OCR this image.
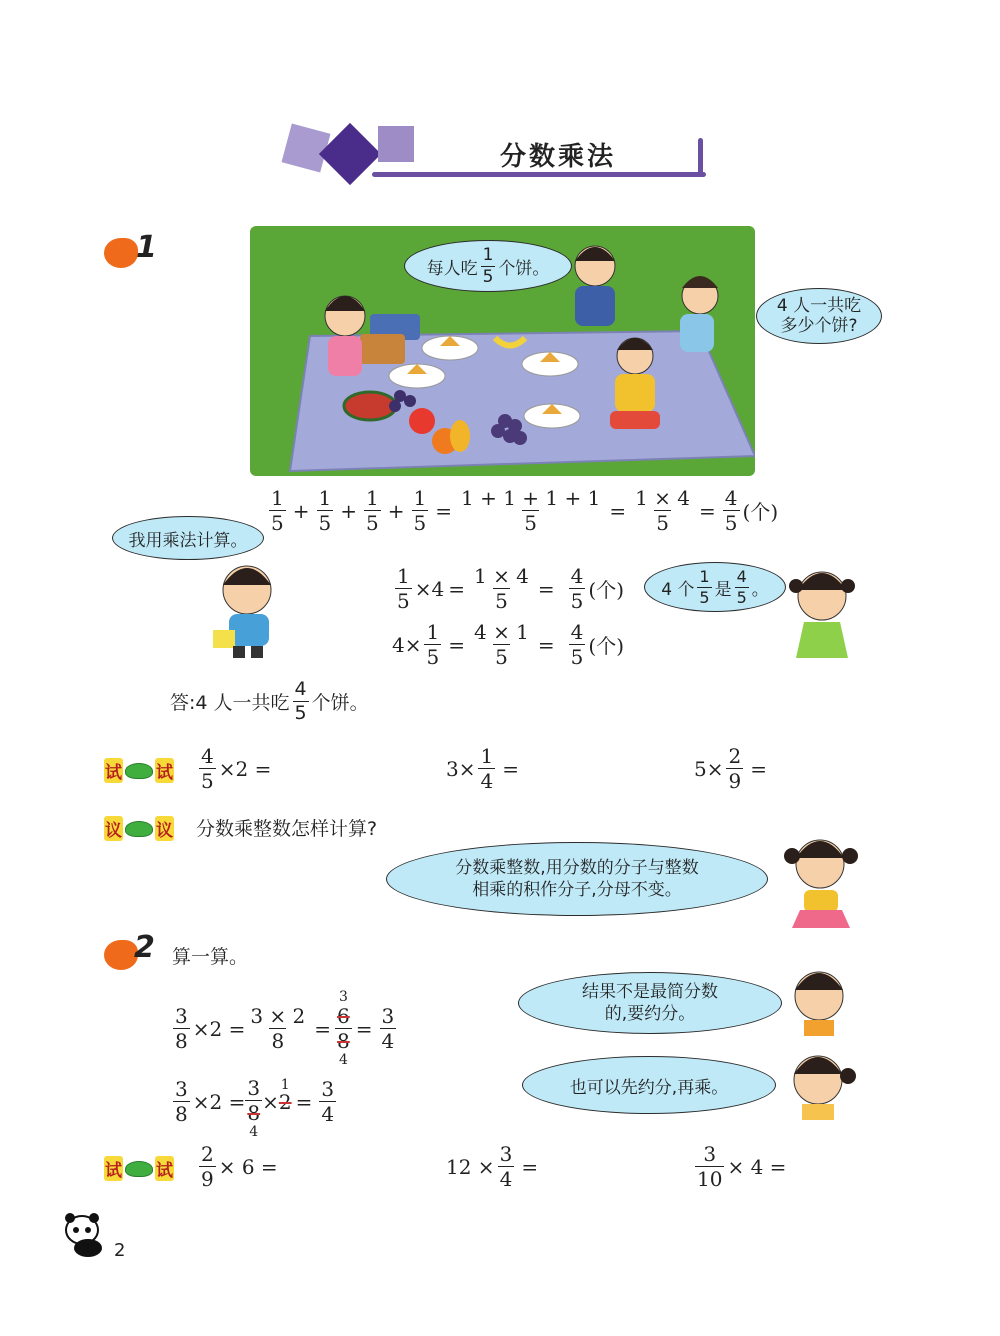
分数乘法
1
每人吃 $\frac{1}{5}$ 个饼。
4 人一共吃
多少个饼?
$\frac{1}{5} + \frac{1}{5} + \frac{1}{5} + \frac{1}{5} = \frac{1 + 1 + 1 + 1}{5} = \frac{1 \times 4}{5} = \frac{4}{5}$ (个)
我用乘法计算。
$\frac{1}{5} \times 4 = \frac{1 \times 4}{5} = \frac{4}{5}$ (个) 4 个 $\frac{1}{5}$ 是 $\frac{4}{5}$ 。
$4\times \frac{1}{5} = \frac{4 \times 1}{5} = \frac{4}{5}$ (个)
答:4 人一共吃 $\frac{4}{5}$ 个饼。
试 试 $\frac{4}{5} \times 2$ =	$3\times \frac{1}{4}$ =	$5\times \frac{2}{9}$ =
议 议 分数乘整数怎样计算?
分数乘整数,用分数的分子与整数
相乘的积作分子,分母不变。
2 算一算。
$\frac{3}{8} \times 2 = \frac{3 \times 2}{8}$ =
3
$\frac{6}{8}$
4
= $\frac{3}{4}$
结果不是最简分数
的,要约分。
$\frac{3}{8} \times 2 = \frac{3}{8}$
4
×
1
$2 = \frac{3}{4}$	也可以先约分,再乘。
试 试 $\frac{2}{9} \times 6$ =	$12 \times \frac{3}{4}$ =	$\frac{3}{10} \times 4$ =
2
